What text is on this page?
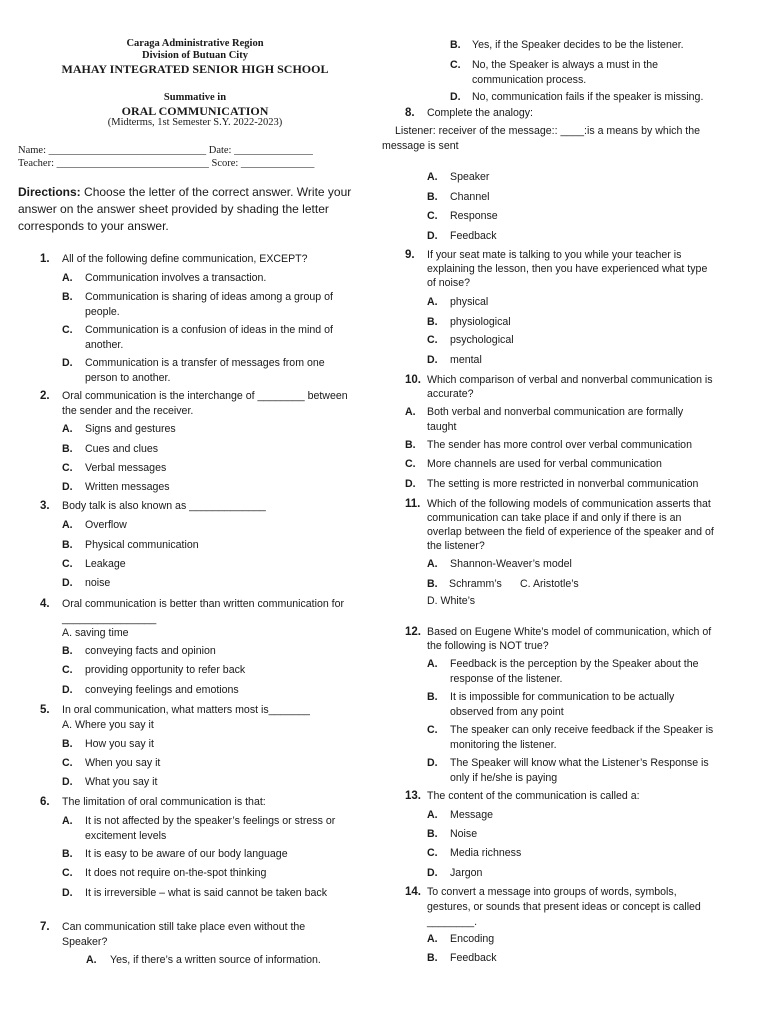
Caraga Administrative Region
Division of Butuan City
MAHAY INTEGRATED SENIOR HIGH SCHOOL
Summative in
ORAL COMMUNICATION
(Midterms, 1st Semester S.Y. 2022-2023)
Name: ______________________________ Date: _______________
Teacher: _____________________________ Score: ______________
Directions: Choose the letter of the correct answer. Write your
answer on the answer sheet provided by shading the letter
corresponds to your answer.
1. All of the following define communication, EXCEPT?
A. Communication involves a transaction.
B. Communication is sharing of ideas among a group of
people.
C. Communication is a confusion of ideas in the mind of
another.
D. Communication is a transfer of messages from one
person to another.
2. Oral communication is the interchange of ________ between
the sender and the receiver.
A. Signs and gestures
B. Cues and clues
C. Verbal messages
D. Written messages
3. Body talk is also known as _____________
A. Overflow
B. Physical communication
C. Leakage
D. noise
4. Oral communication is better than written communication for
________________
A. saving time
B. conveying facts and opinion
C. providing opportunity to refer back
D. conveying feelings and emotions
5. In oral communication, what matters most is_______
A. Where you say it
B. How you say it
C. When you say it
D. What you say it
6. The limitation of oral communication is that:
A. It is not affected by the speaker’s feelings or stress or
excitement levels
B. It is easy to be aware of our body language
C. It does not require on-the-spot thinking
D. It is irreversible – what is said cannot be taken back
7. Can communication still take place even without the
Speaker?
A. Yes, if there’s a written source of information.
B. Yes, if the Speaker decides to be the listener.
C. No, the Speaker is always a must in the
communication process.
D. No, communication fails if the speaker is missing.
8. Complete the analogy:
Listener: receiver of the message:: ____:is a means by which the
message is sent
A. Speaker
B. Channel
C. Response
D. Feedback
9. If your seat mate is talking to you while your teacher is
explaining the lesson, then you have experienced what type
of noise?
A. physical
B. physiological
C. psychological
D. mental
10. Which comparison of verbal and nonverbal communication is
accurate?
A. Both verbal and nonverbal communication are formally
taught
B. The sender has more control over verbal communication
C. More channels are used for verbal communication
D. The setting is more restricted in nonverbal communication
11. Which of the following models of communication asserts that
communication can take place if and only if there is an
overlap between the field of experience of the speaker and of
the listener?
A. Shannon-Weaver’s model
B. Schramm’s C. Aristotle’s
D. White’s
12. Based on Eugene White’s model of communication, which of
the following is NOT true?
A. Feedback is the perception by the Speaker about the
response of the listener.
B. It is impossible for communication to be actually
observed from any point
C. The speaker can only receive feedback if the Speaker is
monitoring the listener.
D. The Speaker will know what the Listener’s Response is
only if he/she is paying
13. The content of the communication is called a:
A. Message
B. Noise
C. Media richness
D. Jargon
14. To convert a message into groups of words, symbols,
gestures, or sounds that present ideas or concept is called
________.
A. Encoding
B. Feedback
